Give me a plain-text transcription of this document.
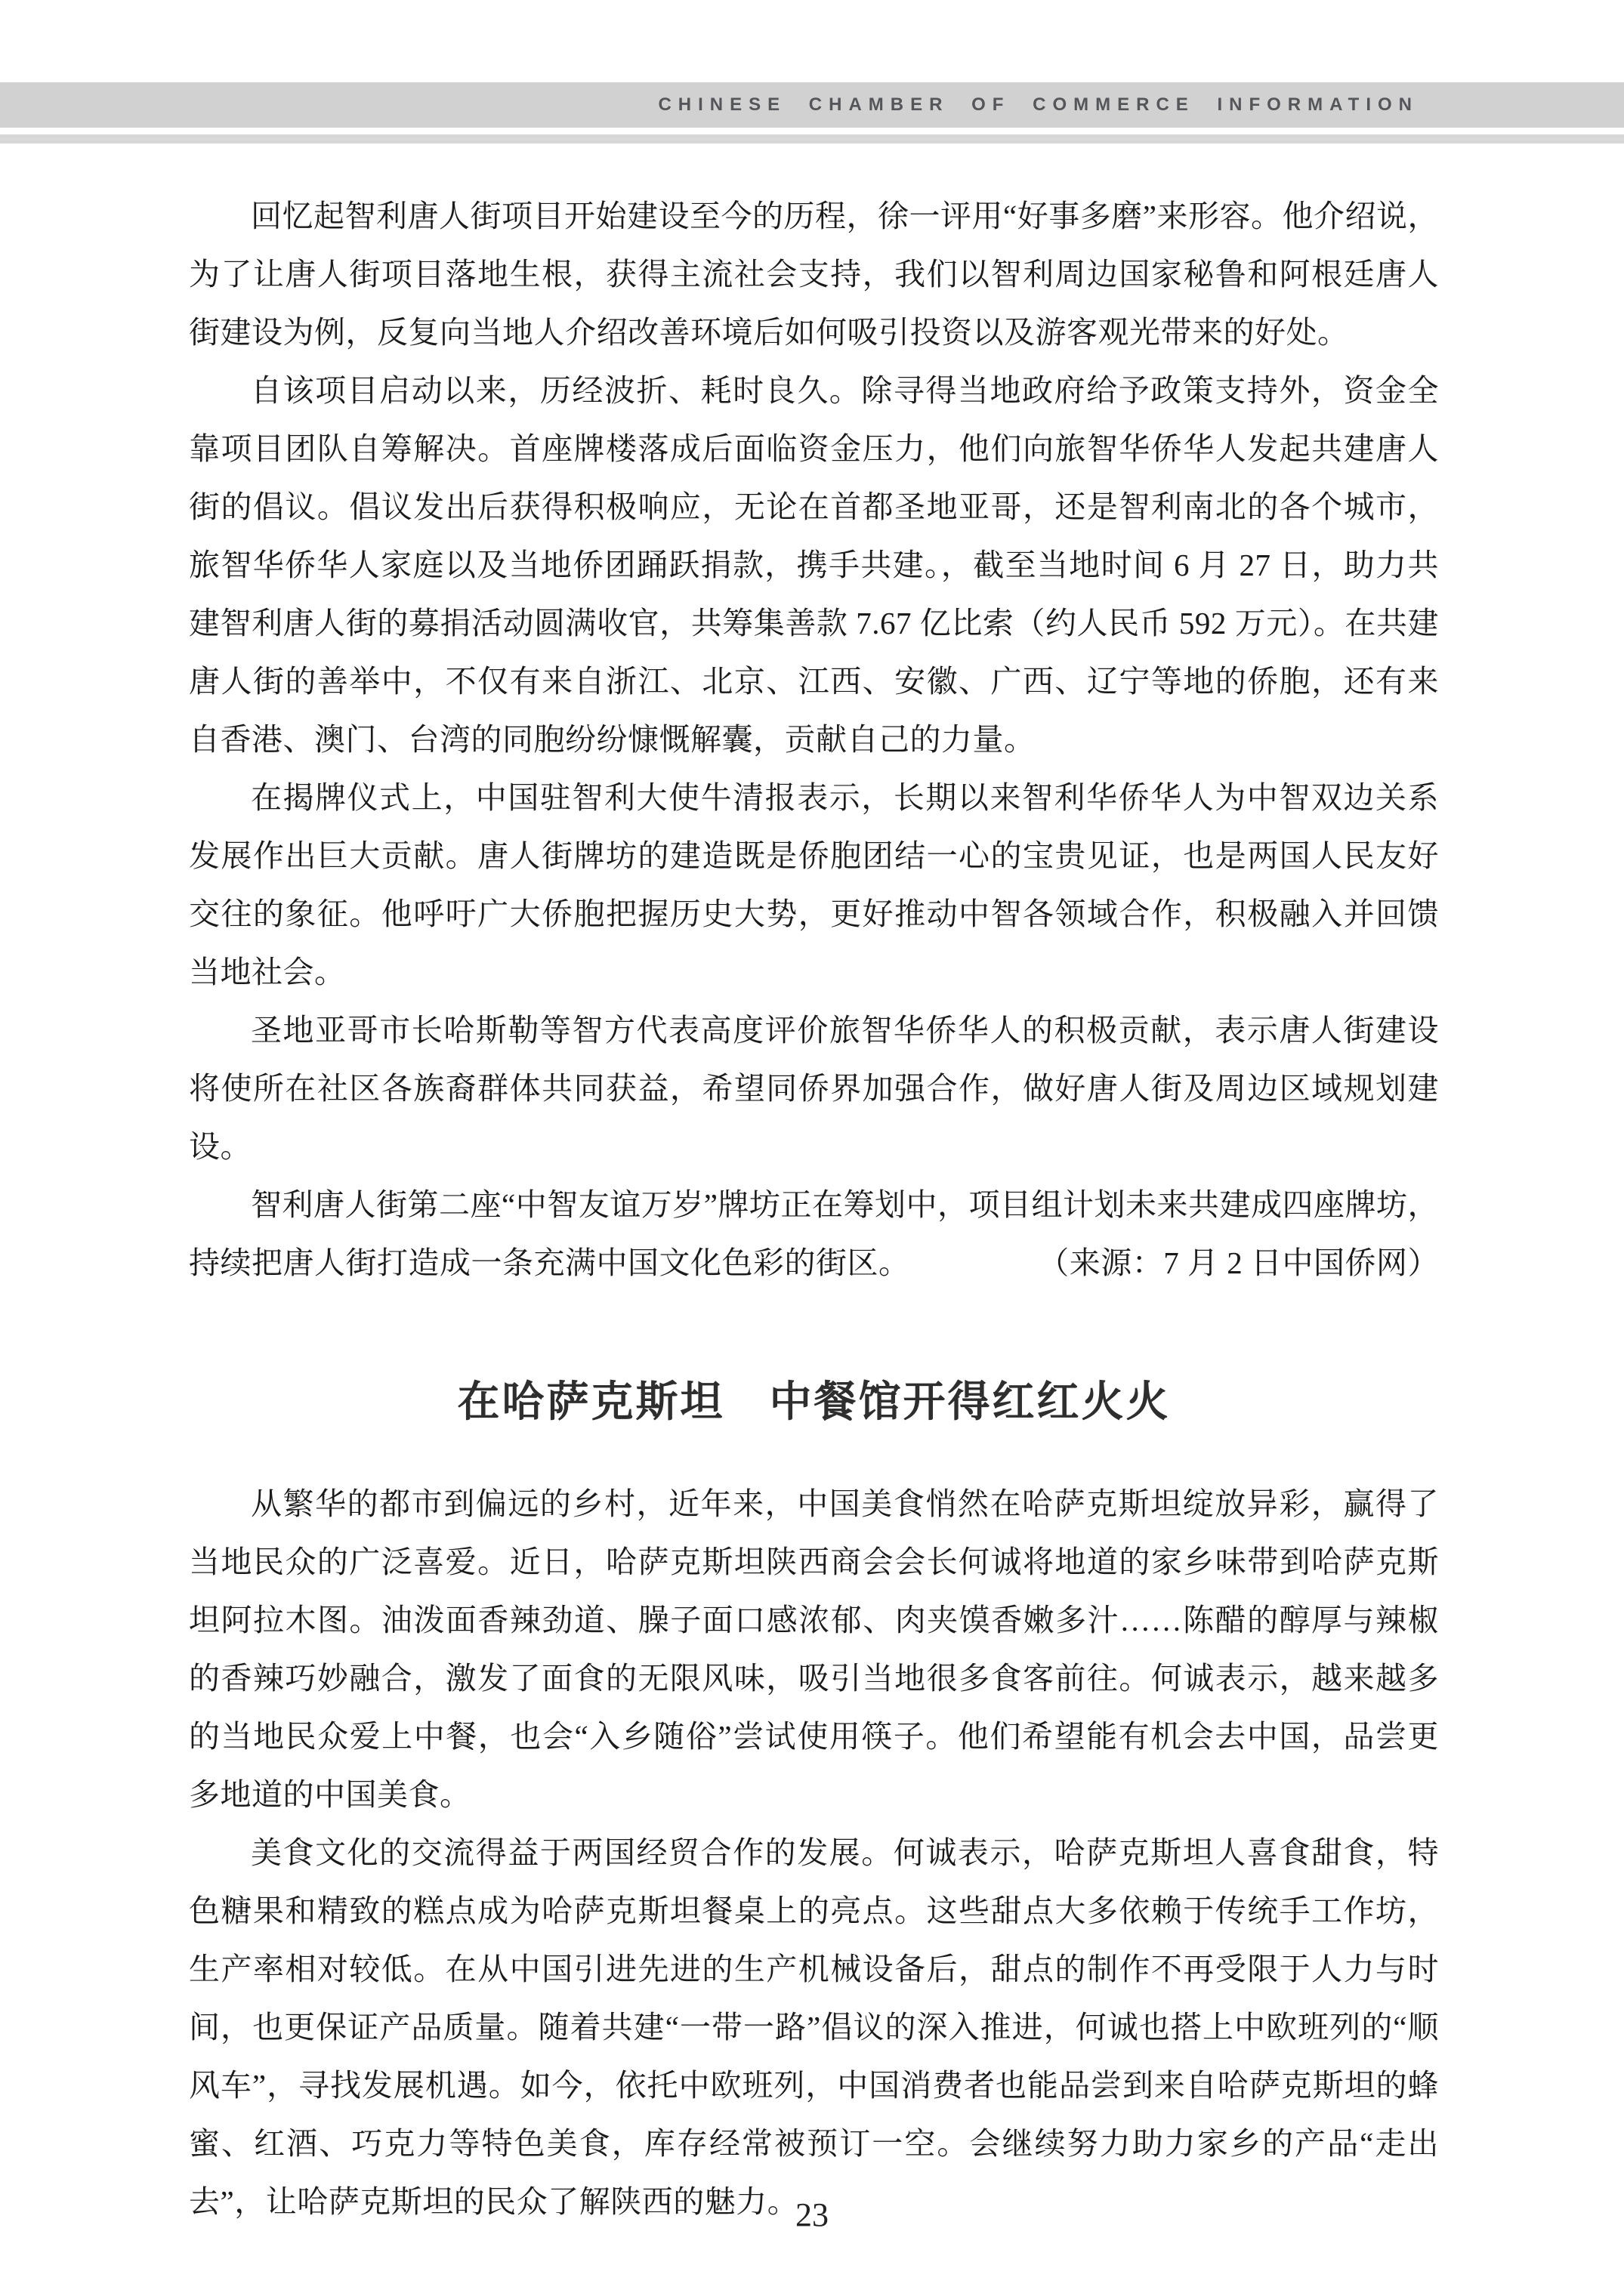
CHINESE CHAMBER OF COMMERCE INFORMATION

回忆起智利唐人街项目开始建设至今的历程，徐一评用“好事多磨”来形容。他介绍说，为了让唐人街项目落地生根，获得主流社会支持，我们以智利周边国家秘鲁和阿根廷唐人街建设为例，反复向当地人介绍改善环境后如何吸引投资以及游客观光带来的好处。

自该项目启动以来，历经波折、耗时良久。除寻得当地政府给予政策支持外，资金全靠项目团队自筹解决。首座牌楼落成后面临资金压力，他们向旅智华侨华人发起共建唐人街的倡议。倡议发出后获得积极响应，无论在首都圣地亚哥，还是智利南北的各个城市，旅智华侨华人家庭以及当地侨团踊跃捐款，携手共建。，截至当地时间 6 月 27 日，助力共建智利唐人街的募捐活动圆满收官，共筹集善款 7.67 亿比索（约人民币 592 万元）。在共建唐人街的善举中，不仅有来自浙江、北京、江西、安徽、广西、辽宁等地的侨胞，还有来自香港、澳门、台湾的同胞纷纷慷慨解囊，贡献自己的力量。

在揭牌仪式上，中国驻智利大使牛清报表示，长期以来智利华侨华人为中智双边关系发展作出巨大贡献。唐人街牌坊的建造既是侨胞团结一心的宝贵见证，也是两国人民友好交往的象征。他呼吁广大侨胞把握历史大势，更好推动中智各领域合作，积极融入并回馈当地社会。

圣地亚哥市长哈斯勒等智方代表高度评价旅智华侨华人的积极贡献，表示唐人街建设将使所在社区各族裔群体共同获益，希望同侨界加强合作，做好唐人街及周边区域规划建设。

智利唐人街第二座“中智友谊万岁”牌坊正在筹划中，项目组计划未来共建成四座牌坊，持续把唐人街打造成一条充满中国文化色彩的街区。	（来源：7 月 2 日中国侨网）

在哈萨克斯坦　中餐馆开得红红火火

从繁华的都市到偏远的乡村，近年来，中国美食悄然在哈萨克斯坦绽放异彩，赢得了当地民众的广泛喜爱。近日，哈萨克斯坦陕西商会会长何诚将地道的家乡味带到哈萨克斯坦阿拉木图。油泼面香辣劲道、臊子面口感浓郁、肉夹馍香嫩多汁……陈醋的醇厚与辣椒的香辣巧妙融合，激发了面食的无限风味，吸引当地很多食客前往。何诚表示，越来越多的当地民众爱上中餐，也会“入乡随俗”尝试使用筷子。他们希望能有机会去中国，品尝更多地道的中国美食。

美食文化的交流得益于两国经贸合作的发展。何诚表示，哈萨克斯坦人喜食甜食，特色糖果和精致的糕点成为哈萨克斯坦餐桌上的亮点。这些甜点大多依赖于传统手工作坊，生产率相对较低。在从中国引进先进的生产机械设备后，甜点的制作不再受限于人力与时间，也更保证产品质量。随着共建“一带一路”倡议的深入推进，何诚也搭上中欧班列的“顺风车”，寻找发展机遇。如今，依托中欧班列，中国消费者也能品尝到来自哈萨克斯坦的蜂蜜、红酒、巧克力等特色美食，库存经常被预订一空。会继续努力助力家乡的产品“走出去”，让哈萨克斯坦的民众了解陕西的魅力。

23
